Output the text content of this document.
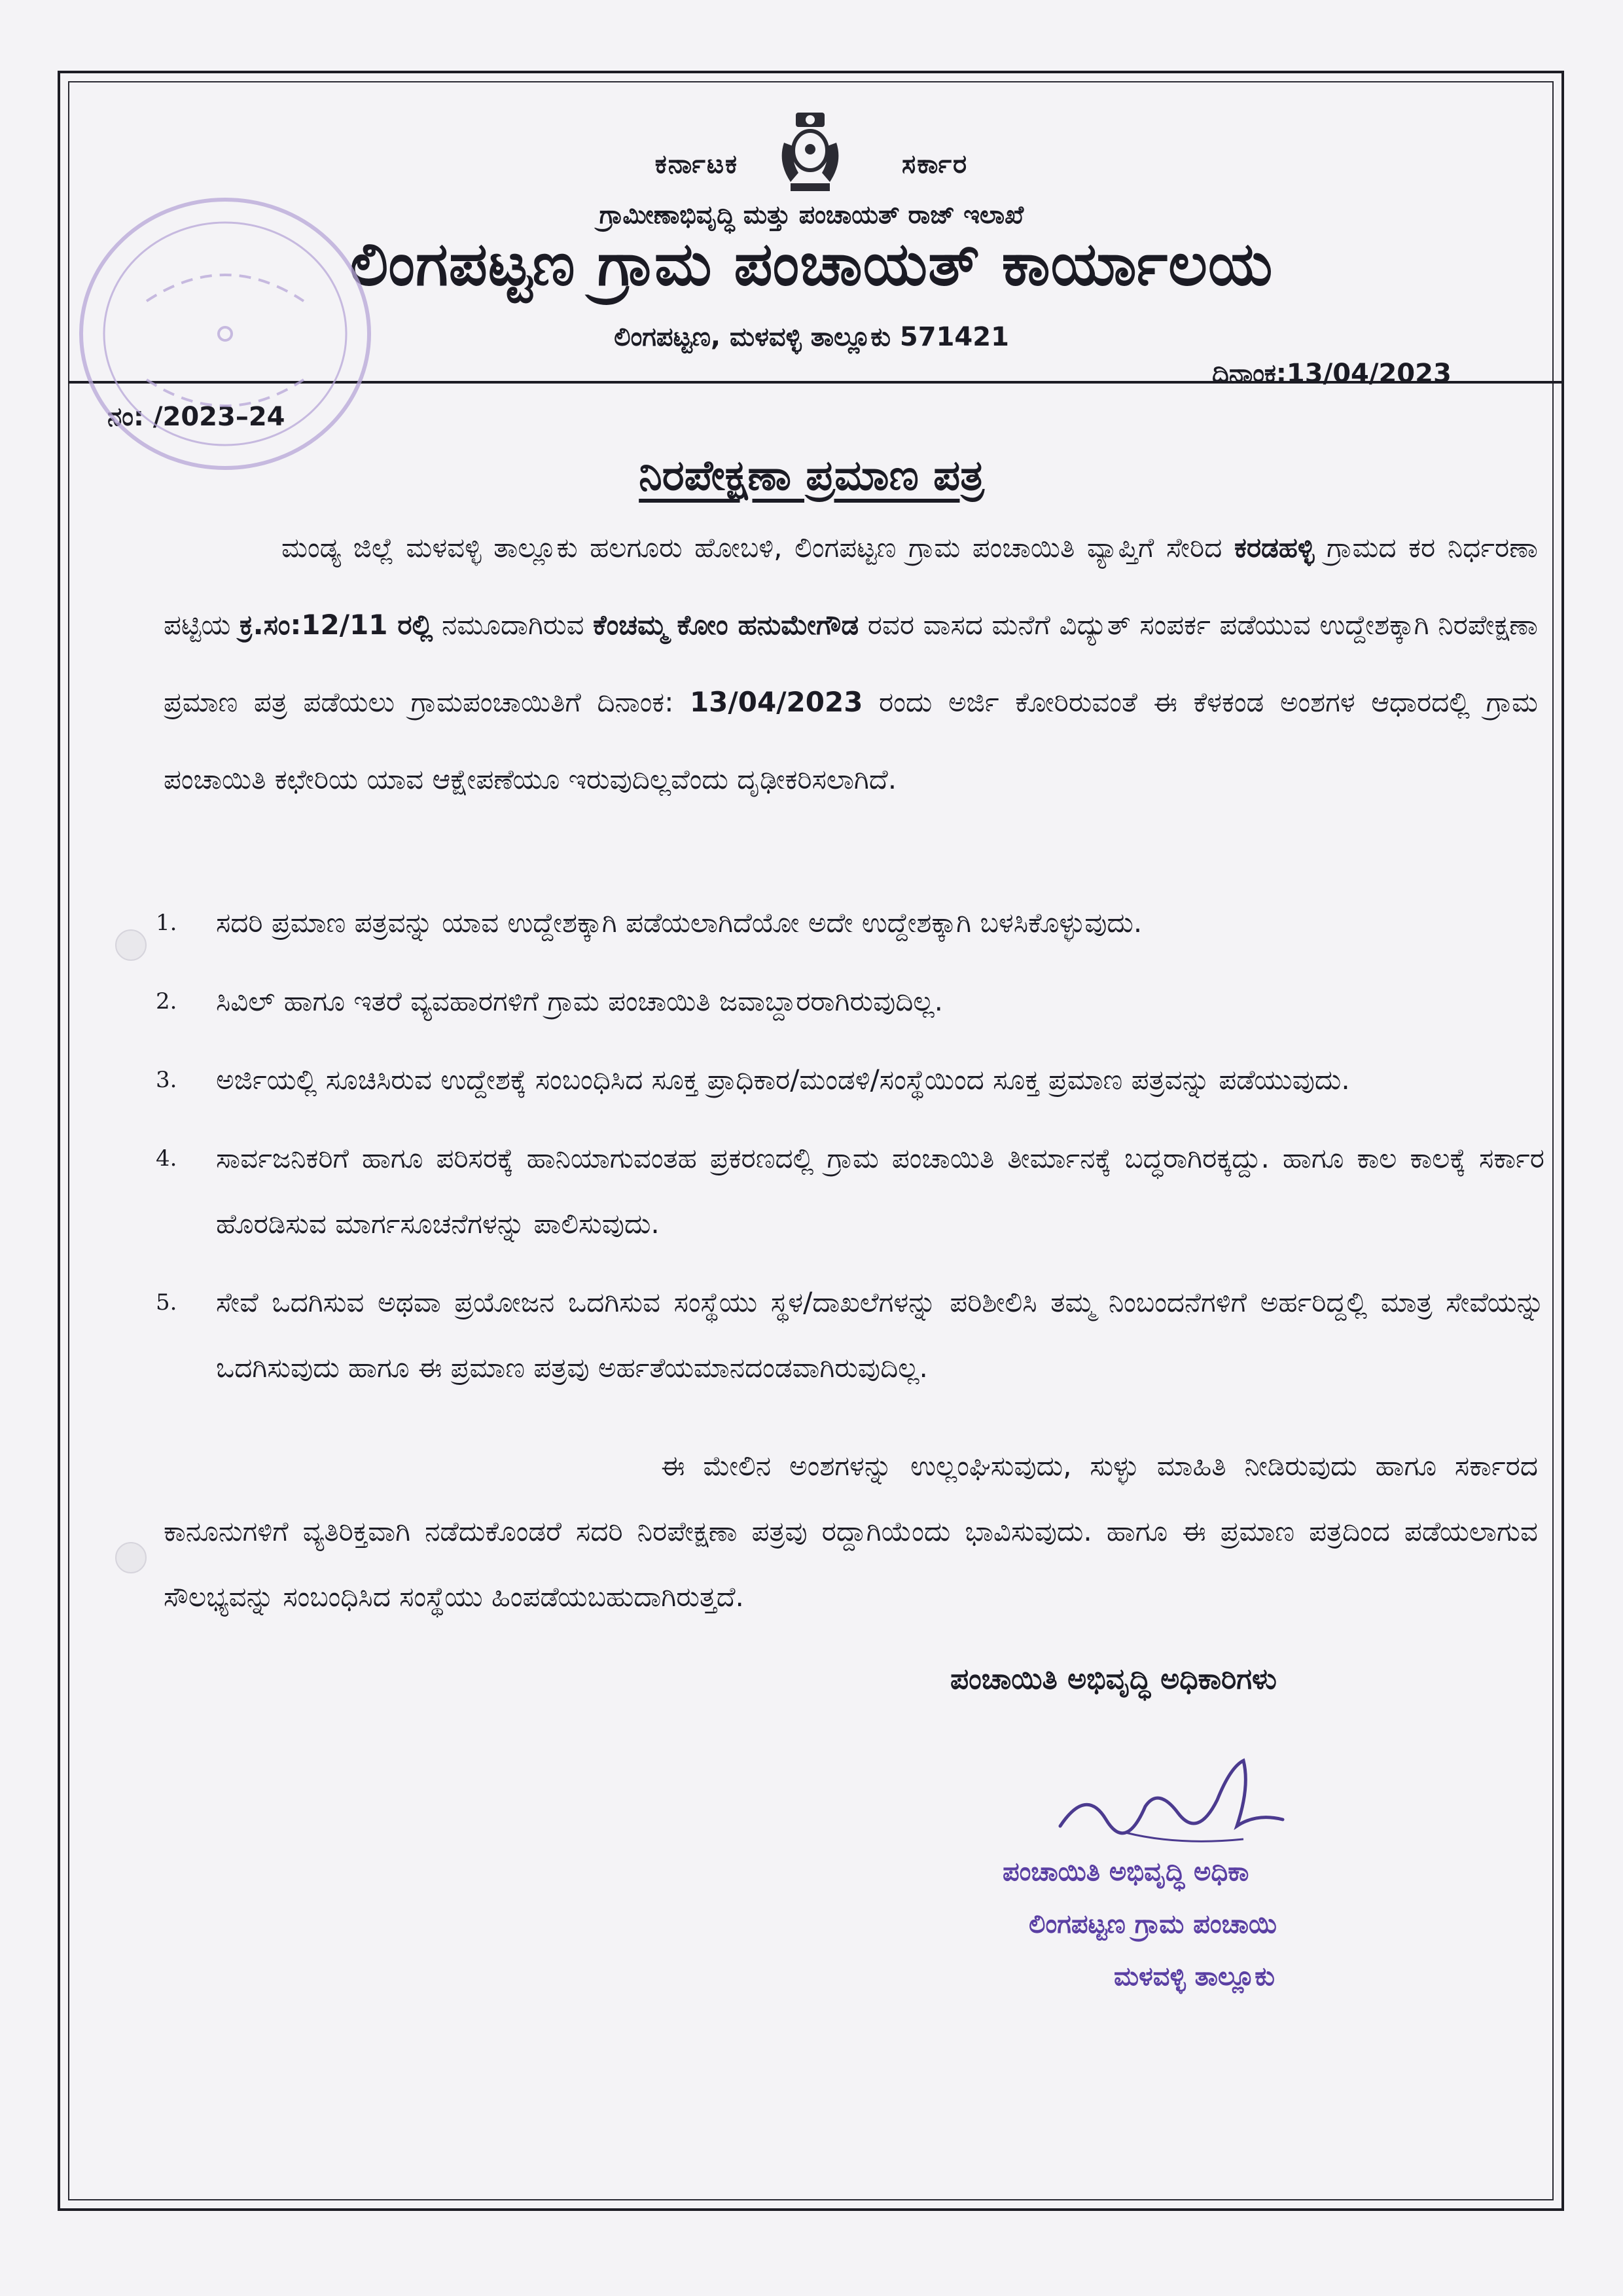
ಕರ್ನಾಟಕ	ಸರ್ಕಾರ
ಗ್ರಾಮೀಣಾಭಿವೃದ್ಧಿ ಮತ್ತು ಪಂಚಾಯತ್ ರಾಜ್ ಇಲಾಖೆ
ಲಿಂಗಪಟ್ಟಣ ಗ್ರಾಮ ಪಂಚಾಯತ್ ಕಾರ್ಯಾಲಯ
ಲಿಂಗಪಟ್ಟಣ, ಮಳವಳ್ಳಿ ತಾಲ್ಲೂಕು 571421
ದಿನಾಂಕ:13/04/2023
ನಂ: /2023–24
ನಿರಪೇಕ್ಷಣಾ ಪ್ರಮಾಣ ಪತ್ರ

ಮಂಡ್ಯ ಜಿಲ್ಲೆ ಮಳವಳ್ಳಿ ತಾಲ್ಲೂಕು ಹಲಗೂರು ಹೋಬಳಿ, ಲಿಂಗಪಟ್ಟಣ ಗ್ರಾಮ ಪಂಚಾಯಿತಿ ವ್ಯಾಪ್ತಿಗೆ ಸೇರಿದ ಕರಡಹಳ್ಳಿ ಗ್ರಾಮದ ಕರ ನಿರ್ಧರಣಾ ಪಟ್ಟಿಯ ಕ್ರ.ಸಂ:12/11 ರಲ್ಲಿ ನಮೂದಾಗಿರುವ ಕೆಂಚಮ್ಮ ಕೋಂ ಹನುಮೇಗೌಡ ರವರ ವಾಸದ ಮನೆಗೆ ವಿದ್ಯುತ್ ಸಂಪರ್ಕ ಪಡೆಯುವ ಉದ್ದೇಶಕ್ಕಾಗಿ ನಿರಪೇಕ್ಷಣಾ ಪ್ರಮಾಣ ಪತ್ರ ಪಡೆಯಲು ಗ್ರಾಮಪಂಚಾಯಿತಿಗೆ ದಿನಾಂಕ: 13/04/2023 ರಂದು ಅರ್ಜಿ ಕೋರಿರುವಂತೆ ಈ ಕೆಳಕಂಡ ಅಂಶಗಳ ಆಧಾರದಲ್ಲಿ ಗ್ರಾಮ ಪಂಚಾಯಿತಿ ಕಛೇರಿಯ ಯಾವ ಆಕ್ಷೇಪಣೆಯೂ ಇರುವುದಿಲ್ಲವೆಂದು ದೃಢೀಕರಿಸಲಾಗಿದೆ.

1. ಸದರಿ ಪ್ರಮಾಣ ಪತ್ರವನ್ನು ಯಾವ ಉದ್ದೇಶಕ್ಕಾಗಿ ಪಡೆಯಲಾಗಿದೆಯೋ ಅದೇ ಉದ್ದೇಶಕ್ಕಾಗಿ ಬಳಸಿಕೊಳ್ಳುವುದು.
2. ಸಿವಿಲ್ ಹಾಗೂ ಇತರೆ ವ್ಯವಹಾರಗಳಿಗೆ ಗ್ರಾಮ ಪಂಚಾಯಿತಿ ಜವಾಬ್ದಾರರಾಗಿರುವುದಿಲ್ಲ.
3. ಅರ್ಜಿಯಲ್ಲಿ ಸೂಚಿಸಿರುವ ಉದ್ದೇಶಕ್ಕೆ ಸಂಬಂಧಿಸಿದ ಸೂಕ್ತ ಪ್ರಾಧಿಕಾರ/ಮಂಡಳಿ/ಸಂಸ್ಥೆಯಿಂದ ಸೂಕ್ತ ಪ್ರಮಾಣ ಪತ್ರವನ್ನು ಪಡೆಯುವುದು.
4. ಸಾರ್ವಜನಿಕರಿಗೆ ಹಾಗೂ ಪರಿಸರಕ್ಕೆ ಹಾನಿಯಾಗುವಂತಹ ಪ್ರಕರಣದಲ್ಲಿ ಗ್ರಾಮ ಪಂಚಾಯಿತಿ ತೀರ್ಮಾನಕ್ಕೆ ಬದ್ಧರಾಗಿರಕ್ಕದ್ದು. ಹಾಗೂ ಕಾಲ ಕಾಲಕ್ಕೆ ಸರ್ಕಾರ ಹೊರಡಿಸುವ ಮಾರ್ಗಸೂಚನೆಗಳನ್ನು ಪಾಲಿಸುವುದು.
5. ಸೇವೆ ಒದಗಿಸುವ ಅಥವಾ ಪ್ರಯೋಜನ ಒದಗಿಸುವ ಸಂಸ್ಥೆಯು ಸ್ಥಳ/ದಾಖಲೆಗಳನ್ನು ಪರಿಶೀಲಿಸಿ ತಮ್ಮ ನಿಂಬಂದನೆಗಳಿಗೆ ಅರ್ಹರಿದ್ದಲ್ಲಿ ಮಾತ್ರ ಸೇವೆಯನ್ನು ಒದಗಿಸುವುದು ಹಾಗೂ ಈ ಪ್ರಮಾಣ ಪತ್ರವು ಅರ್ಹತೆಯಮಾನದಂಡವಾಗಿರುವುದಿಲ್ಲ.

ಈ ಮೇಲಿನ ಅಂಶಗಳನ್ನು ಉಲ್ಲಂಘಿಸುವುದು, ಸುಳ್ಳು ಮಾಹಿತಿ ನೀಡಿರುವುದು ಹಾಗೂ ಸರ್ಕಾರದ ಕಾನೂನುಗಳಿಗೆ ವ್ಯತಿರಿಕ್ತವಾಗಿ ನಡೆದುಕೊಂಡರೆ ಸದರಿ ನಿರಪೇಕ್ಷಣಾ ಪತ್ರವು ರದ್ದಾಗಿಯೆಂದು ಭಾವಿಸುವುದು. ಹಾಗೂ ಈ ಪ್ರಮಾಣ ಪತ್ರದಿಂದ ಪಡೆಯಲಾಗುವ ಸೌಲಭ್ಯವನ್ನು ಸಂಬಂಧಿಸಿದ ಸಂಸ್ಥೆಯು ಹಿಂಪಡೆಯಬಹುದಾಗಿರುತ್ತದೆ.

ಪಂಚಾಯಿತಿ ಅಭಿವೃದ್ಧಿ ಅಧಿಕಾರಿಗಳು
ಪಂಚಾಯಿತಿ ಅಭಿವೃದ್ಧಿ ಅಧಿಕಾ
ಲಿಂಗಪಟ್ಟಣ ಗ್ರಾಮ ಪಂಚಾಯಿ
ಮಳವಳ್ಳಿ ತಾಲ್ಲೂಕು
